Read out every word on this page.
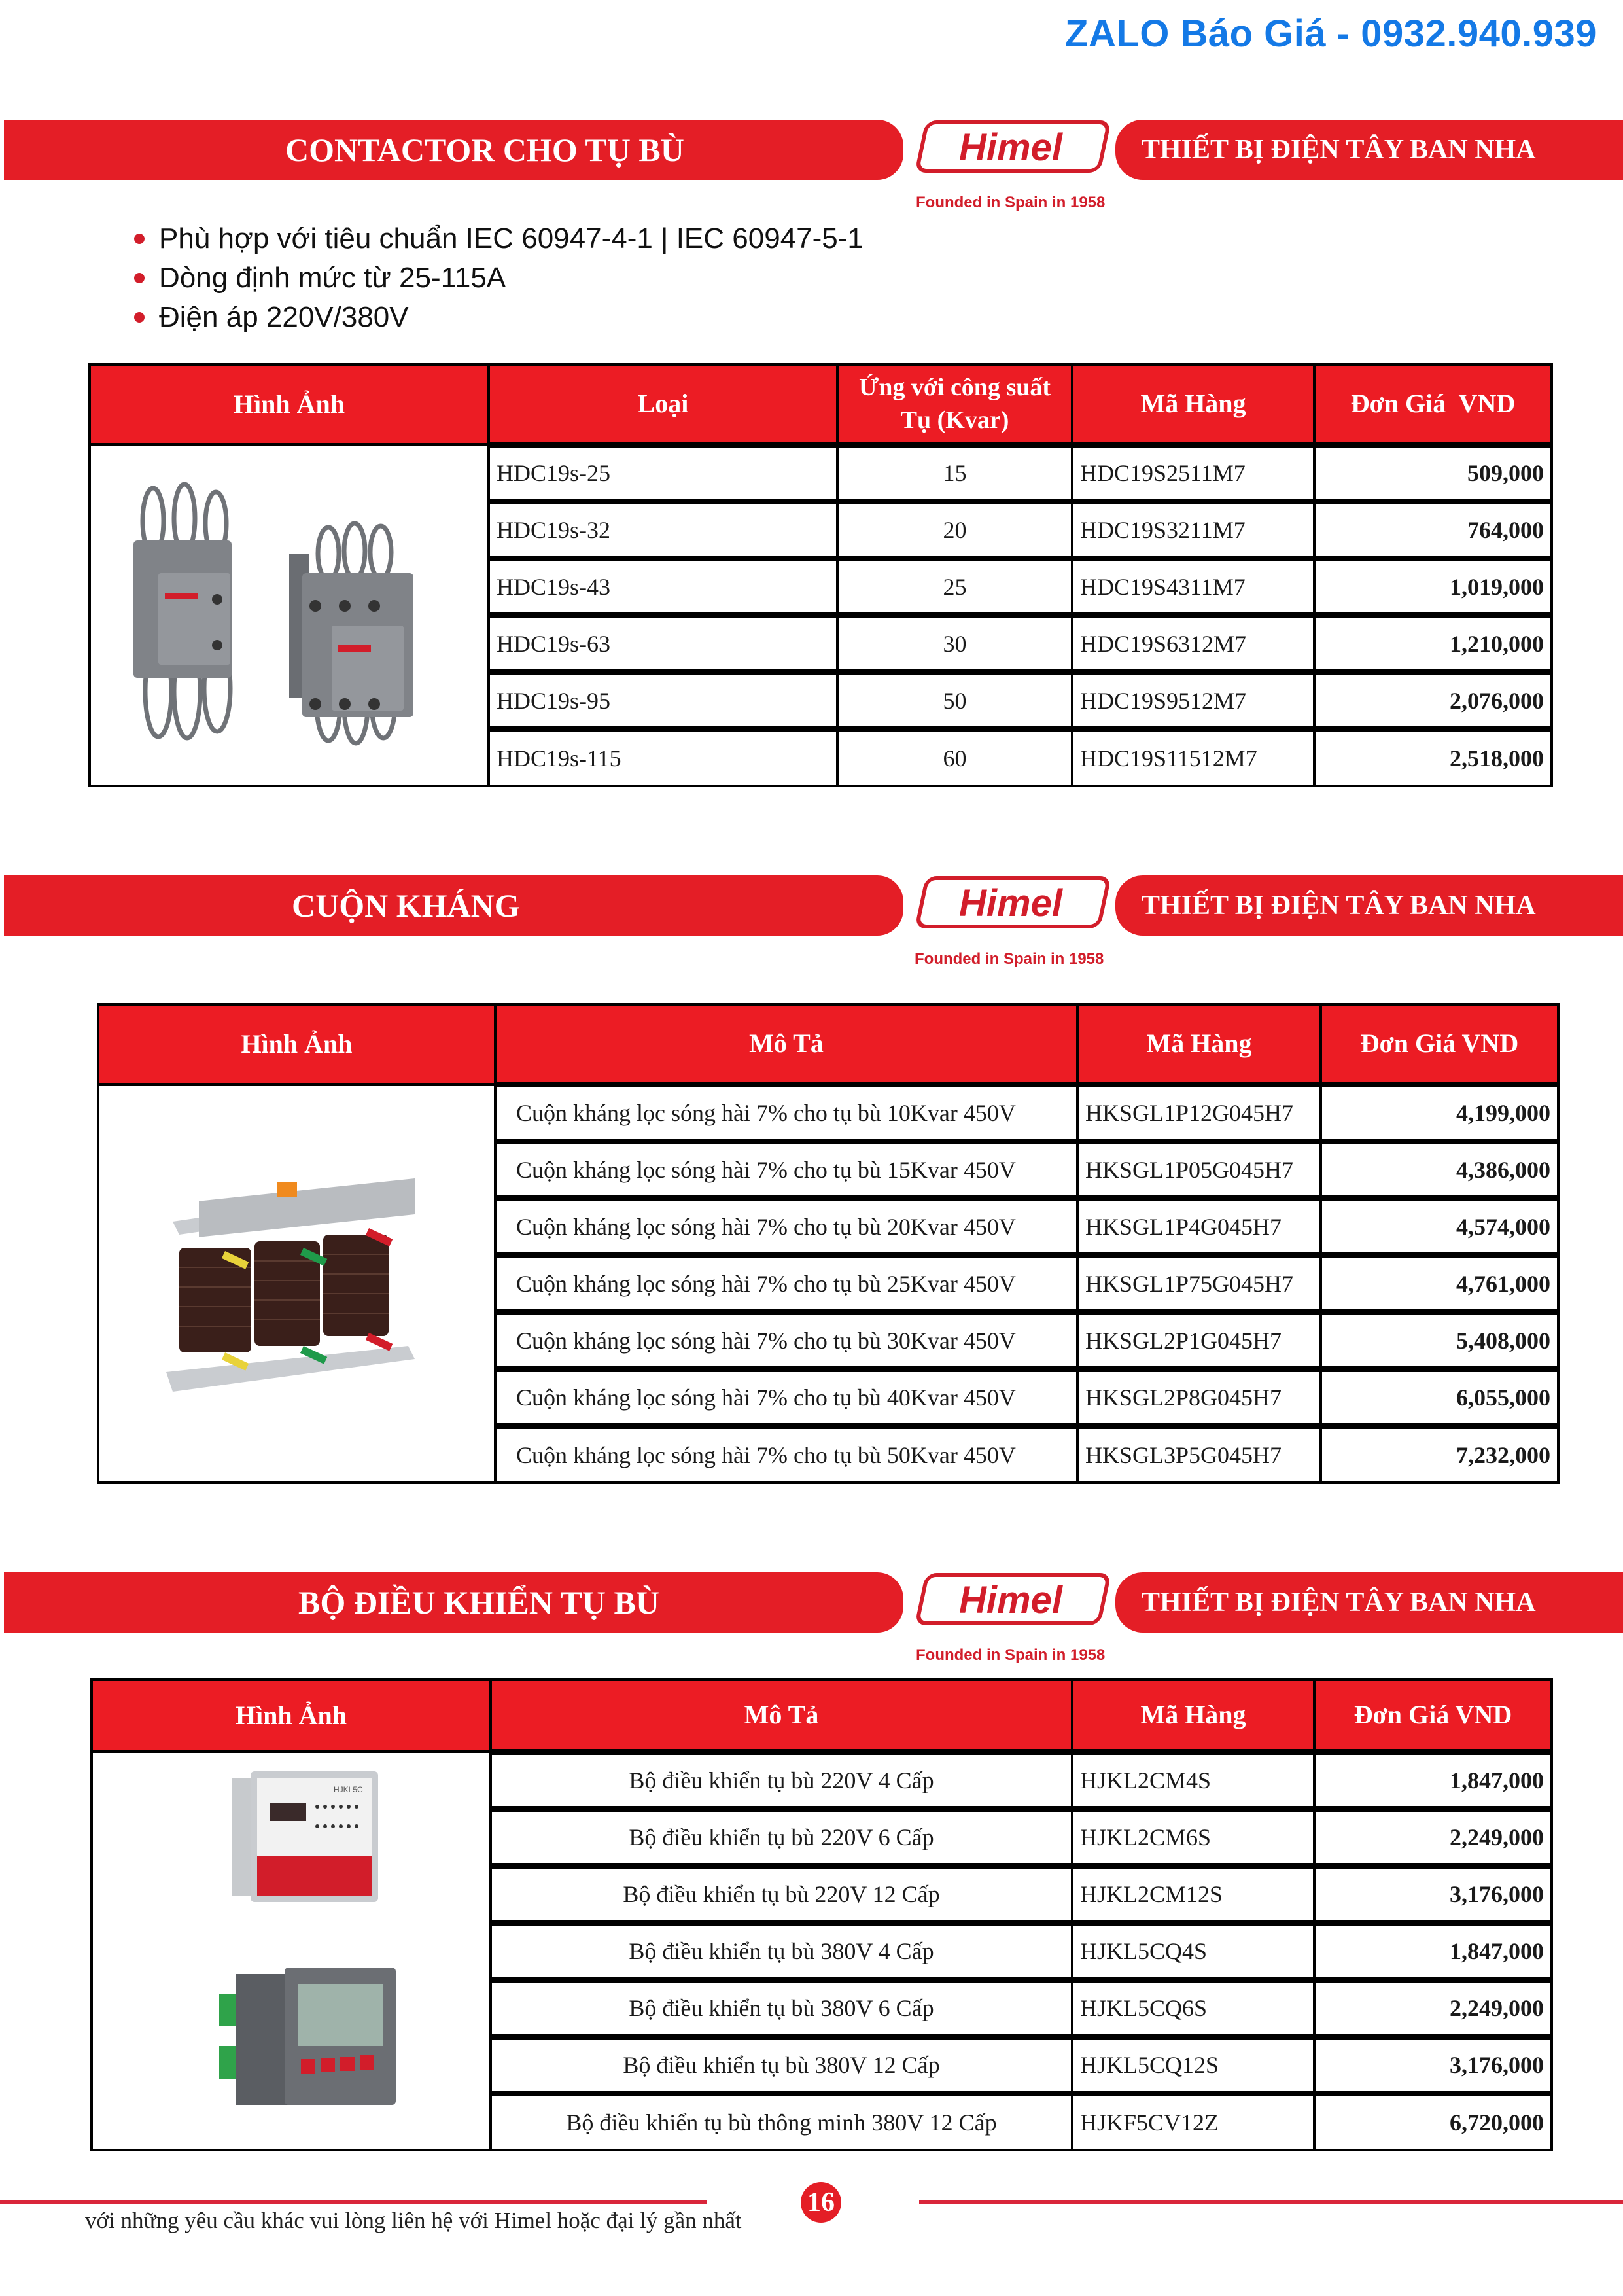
ZALO Báo Giá - 0932.940.939
CONTACTOR CHO TỤ BÙ	Himel
Founded in Spain in 1958
THIẾT BỊ ĐIỆN TÂY BAN NHA
Phù hợp với tiêu chuẩn IEC 60947-4-1 | IEC 60947-5-1
Dòng định mức từ 25-115A
Điện áp 220V/380V
Hình Ảnh	Loại	Ứng với công suất Tụ (Kvar)	Mã Hàng	Đơn Giá  VND
	HDC19s-25	15	HDC19S2511M7	509,000
	HDC19s-32	20	HDC19S3211M7	764,000
	HDC19s-43	25	HDC19S4311M7	1,019,000
	HDC19s-63	30	HDC19S6312M7	1,210,000
	HDC19s-95	50	HDC19S9512M7	2,076,000
	HDC19s-115	60	HDC19S11512M7	2,518,000
CUỘN KHÁNG	Himel
Founded in Spain in 1958
THIẾT BỊ ĐIỆN TÂY BAN NHA
Hình Ảnh	Mô Tả	Mã Hàng	Đơn Giá VND
	Cuộn kháng lọc sóng hài 7% cho tụ bù 10Kvar 450V	HKSGL1P12G045H7	4,199,000
	Cuộn kháng lọc sóng hài 7% cho tụ bù 15Kvar 450V	HKSGL1P05G045H7	4,386,000
	Cuộn kháng lọc sóng hài 7% cho tụ bù 20Kvar 450V	HKSGL1P4G045H7	4,574,000
	Cuộn kháng lọc sóng hài 7% cho tụ bù 25Kvar 450V	HKSGL1P75G045H7	4,761,000
	Cuộn kháng lọc sóng hài 7% cho tụ bù 30Kvar 450V	HKSGL2P1G045H7	5,408,000
	Cuộn kháng lọc sóng hài 7% cho tụ bù 40Kvar 450V	HKSGL2P8G045H7	6,055,000
	Cuộn kháng lọc sóng hài 7% cho tụ bù 50Kvar 450V	HKSGL3P5G045H7	7,232,000
BỘ ĐIỀU KHIỂN TỤ BÙ	Himel
Founded in Spain in 1958
THIẾT BỊ ĐIỆN TÂY BAN NHA
Hình Ảnh	Mô Tả	Mã Hàng	Đơn Giá VND

HJKL5C	Bộ điều khiển tụ bù 220V 4 Cấp	HJKL2CM4S	1,847,000
	Bộ điều khiển tụ bù 220V 6 Cấp	HJKL2CM6S	2,249,000
	Bộ điều khiển tụ bù 220V 12 Cấp	HJKL2CM12S	3,176,000
	Bộ điều khiển tụ bù 380V 4 Cấp	HJKL5CQ4S	1,847,000
	Bộ điều khiển tụ bù 380V 6 Cấp	HJKL5CQ6S	2,249,000
	Bộ điều khiển tụ bù 380V 12 Cấp	HJKL5CQ12S	3,176,000
	Bộ điều khiển tụ bù thông minh 380V 12 Cấp	HJKF5CV12Z	6,720,000
16
với những yêu cầu khác vui lòng liên hệ với Himel hoặc đại lý gần nhất
